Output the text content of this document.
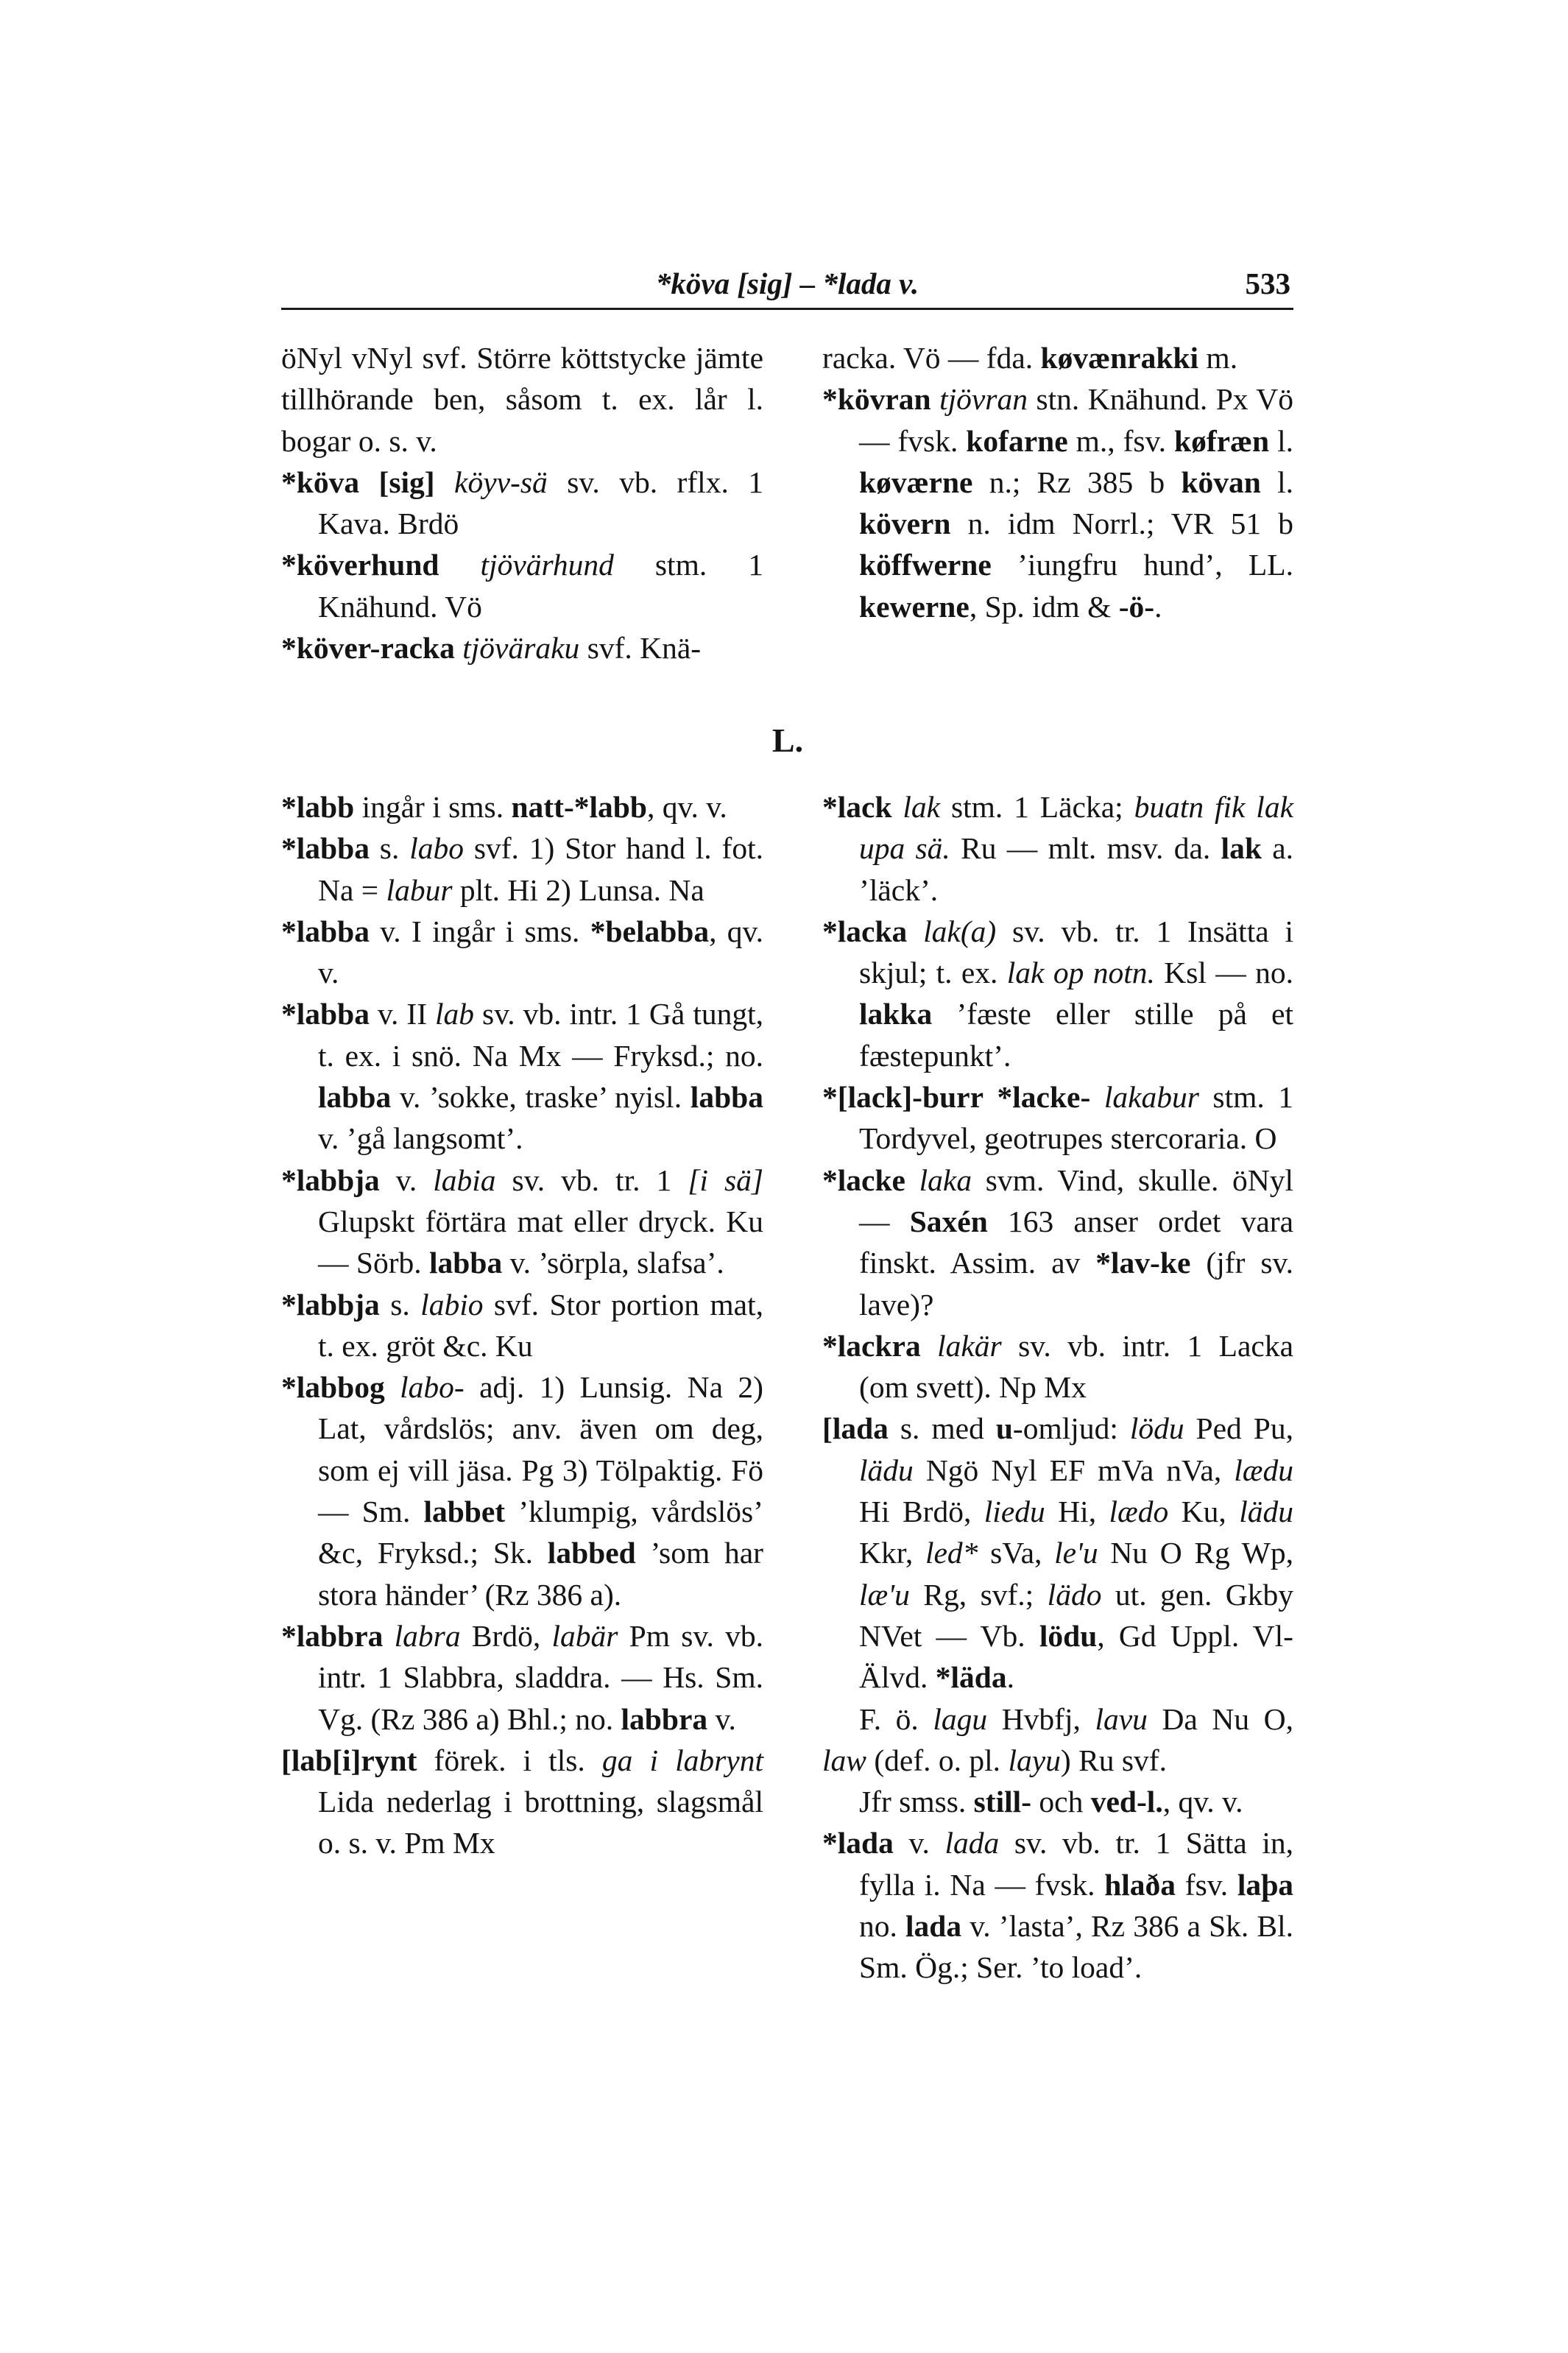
*köva [sig] – *lada v.	533

öNyl vNyl svf. Större köttstycke jämte tillhörande ben, såsom t. ex. lår l. bogar o. s. v.

*köva [sig] köyv-sä sv. vb. rflx. 1 Kava. Brdö

*köverhund tjövärhund stm. 1 Knähund. Vö

*köver-racka tjöväraku svf. Knä-

racka. Vö — fda. køvænrakki m.

*kövran tjövran stn. Knähund. Px Vö — fvsk. kofarne m., fsv. køfræn l. køværne n.; Rz 385 b kövan l. kövern n. idm Norrl.; VR 51 b köffwerne ’iungfru hund’, LL. kewerne, Sp. idm & -ö-.

L.

*labb ingår i sms. natt-*labb, qv. v.

*labba s. labo svf. 1) Stor hand l. fot. Na = labur plt. Hi 2) Lunsa. Na

*labba v. I ingår i sms. *belabba, qv. v.

*labba v. II lab sv. vb. intr. 1 Gå tungt, t. ex. i snö. Na Mx — Fryksd.; no. labba v. ’sokke, traske’ nyisl. labba v. ’gå langsomt’.

*labbja v. labia sv. vb. tr. 1 [i sä] Glupskt förtära mat eller dryck. Ku — Sörb. labba v. ’sörpla, slafsa’.

*labbja s. labio svf. Stor portion mat, t. ex. gröt &c. Ku

*labbog labo- adj. 1) Lunsig. Na 2) Lat, vårdslös; anv. även om deg, som ej vill jäsa. Pg 3) Tölpaktig. Fö — Sm. labbet ’klumpig, vårdslös’ &c, Fryksd.; Sk. labbed ’som har stora händer’ (Rz 386 a).

*labbra labra Brdö, labär Pm sv. vb. intr. 1 Slabbra, sladdra. — Hs. Sm. Vg. (Rz 386 a) Bhl.; no. labbra v.

[lab[i]rynt förek. i tls. ga i labrynt Lida nederlag i brottning, slagsmål o. s. v. Pm Mx

*lack lak stm. 1 Läcka; buatn fik lak upa sä. Ru — mlt. msv. da. lak a. ’läck’.

*lacka lak(a) sv. vb. tr. 1 Insätta i skjul; t. ex. lak op notn. Ksl — no. lakka ’fæste eller stille på et fæstepunkt’.

*[lack]-burr *lacke- lakabur stm. 1 Tordyvel, geotrupes stercoraria. O

*lacke laka svm. Vind, skulle. öNyl — Saxén 163 anser ordet vara finskt. Assim. av *lav-ke (jfr sv. lave)?

*lackra lakär sv. vb. intr. 1 Lacka (om svett). Np Mx

[lada s. med u-omljud: lödu Ped Pu, lädu Ngö Nyl EF mVa nVa, lædu Hi Brdö, liedu Hi, lædo Ku, lädu Kkr, led* sVa, le'u Nu O Rg Wp, læ'u Rg, svf.; lädo ut. gen. Gkby NVet — Vb. lödu, Gd Uppl. Vl-Älvd. *läda.

F. ö. lagu Hvbfj, lavu Da Nu O, law (def. o. pl. layu) Ru svf.

Jfr smss. still- och ved-l., qv. v.

*lada v. lada sv. vb. tr. 1 Sätta in, fylla i. Na — fvsk. hlaða fsv. laþa no. lada v. ’lasta’, Rz 386 a Sk. Bl. Sm. Ög.; Ser. ’to load’.
